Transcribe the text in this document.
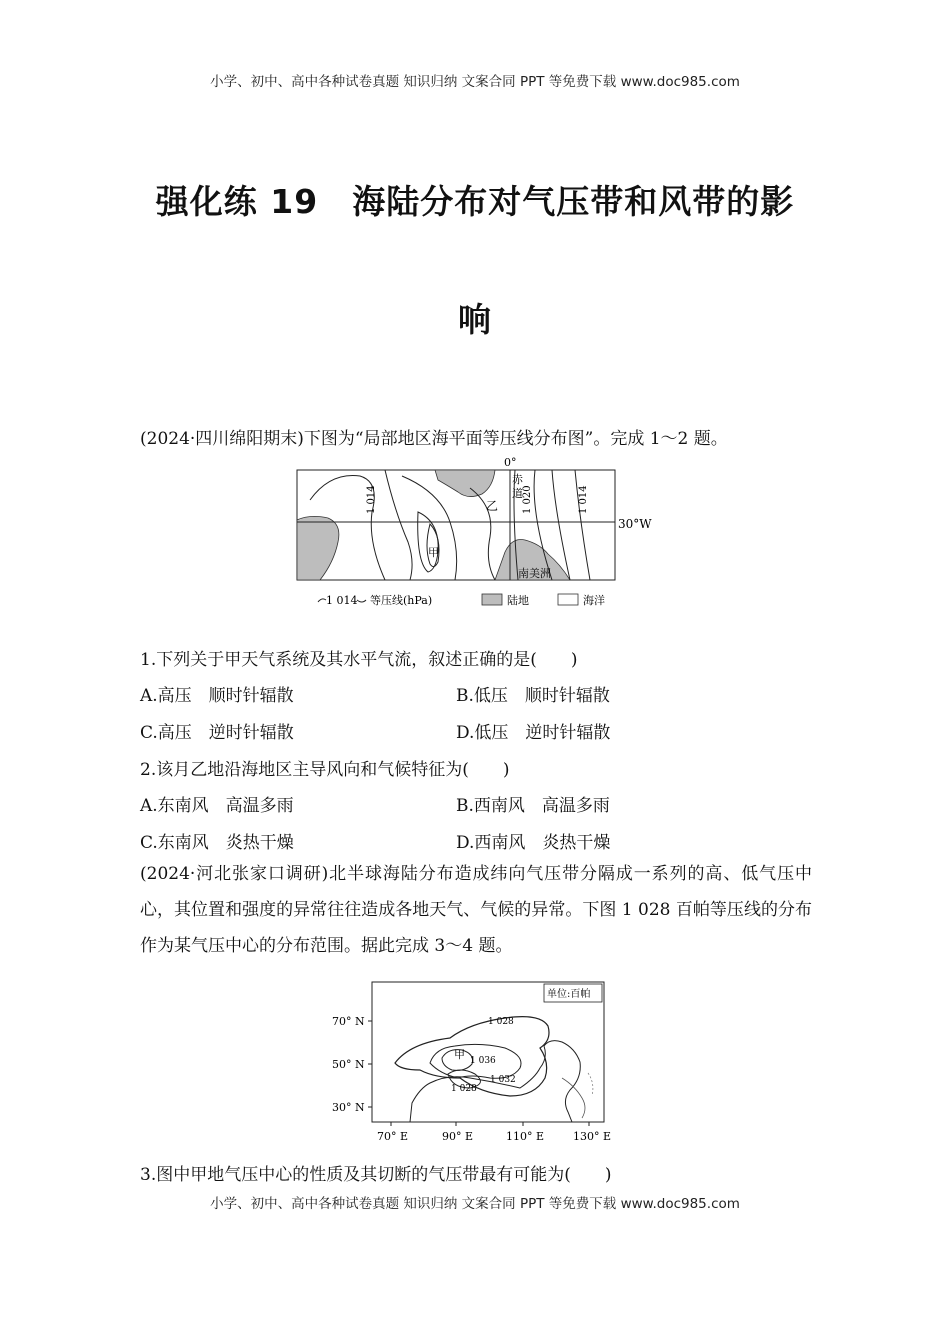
小学、初中、高中各种试卷真题 知识归纳 文案合同 PPT 等免费下载 www.doc985.com
强化练 19　海陆分布对气压带和风带的影
响
(2024·四川绵阳期末)下图为“局部地区海平面等压线分布图”。完成 1～2 题。
0°
30°W
赤
道
1 014	1 020	1 014
甲
乙
南美洲
1 014 等压线(hPa)	陆地	海洋
1.下列关于甲天气系统及其水平气流，叙述正确的是(　　)
A.高压　顺时针辐散	B.低压　顺时针辐散
C.高压　逆时针辐散	D.低压　逆时针辐散
2.该月乙地沿海地区主导风向和气候特征为(　　)
A.东南风　高温多雨	B.西南风　高温多雨
C.东南风　炎热干燥	D.西南风　炎热干燥
(2024·河北张家口调研)北半球海陆分布造成纬向气压带分隔成一系列的高、低气压中心，其位置和强度的异常往往造成各地天气、气候的异常。下图 1 028 百帕等压线的分布作为某气压中心的分布范围。据此完成 3～4 题。
单位:百帕
70° N
50° N
30° N
70° E	90° E	110° E	130° E
1 028
1 036
1 032
1 028
甲
3.图中甲地气压中心的性质及其切断的气压带最有可能为(　　)
小学、初中、高中各种试卷真题 知识归纳 文案合同 PPT 等免费下载 www.doc985.com
